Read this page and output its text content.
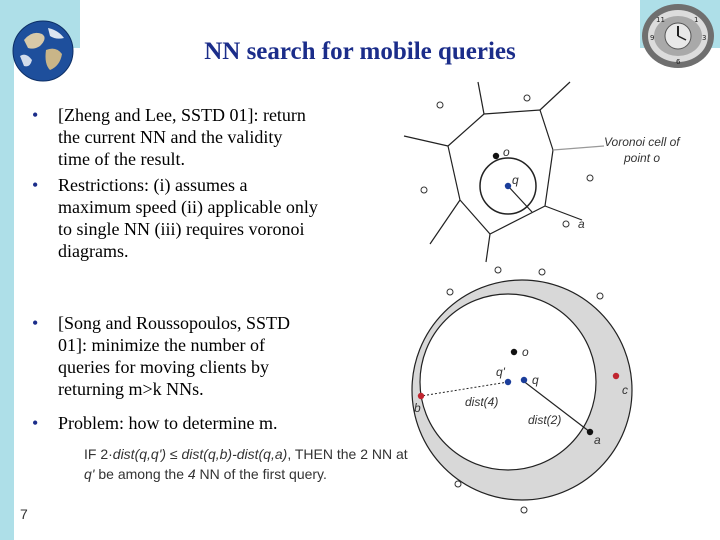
11	1
9	3
6
NN search for mobile queries
•	[Zheng and Lee, SSTD 01]: return the current NN and the validity time of the result.
•	Restrictions: (i) assumes a maximum speed (ii) applicable only to single NN (iii) requires voronoi diagrams.
•	[Song and Roussopoulos, SSTD 01]: minimize the number of queries for moving clients by returning m>k NNs.
•	Problem: how to determine m.
IF 2·dist(q,q') ≤ dist(q,b)-dist(q,a), THEN the 2 NN at q' be among the 4 NN of the first query.
7
o
q
a
Voronoi cell of
point o
o
q'
q
b
c
a
dist(4)
dist(2)
